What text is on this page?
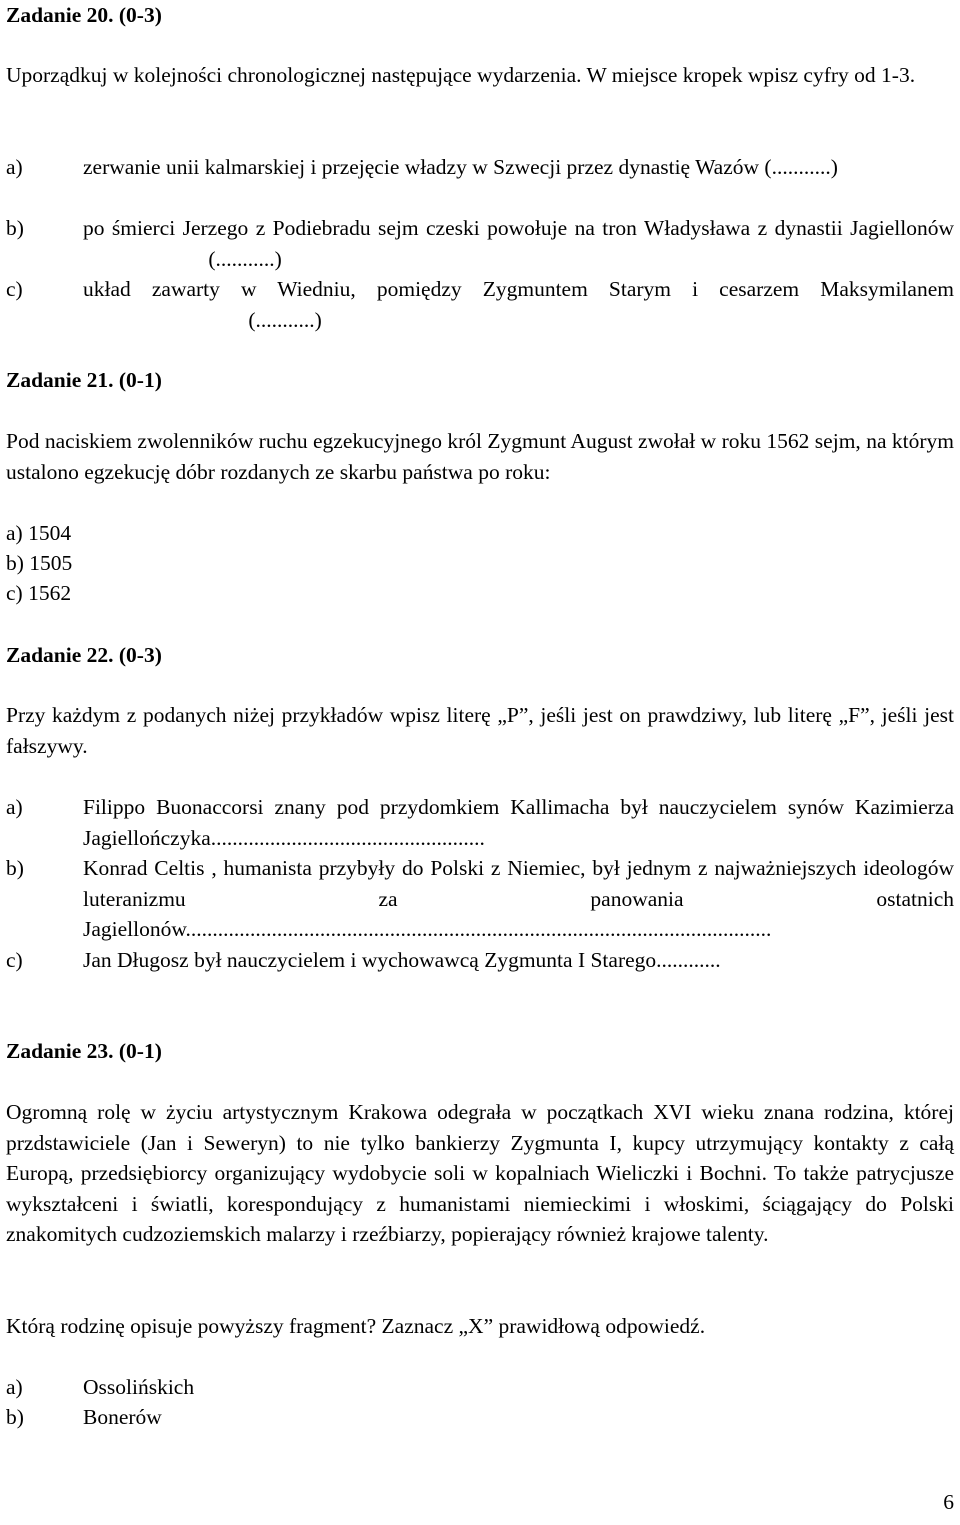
Zadanie 20. (0-3)

Uporządkuj w kolejności chronologicznej następujące wydarzenia. W miejsce kropek wpisz cyfry od 1-3.

a)	zerwanie unii kalmarskiej i przejęcie władzy w Szwecji przez dynastię Wazów (...........)
b)	po śmierci Jerzego z Podiebradu sejm czeski powołuje na tron Władysława z dynastii Jagiellonów  (...........)
c)	układ zawarty w Wiedniu, pomiędzy Zygmuntem Starym i cesarzem Maksymilanem  (...........)
Zadanie 21. (0-1)

Pod naciskiem zwolenników ruchu egzekucyjnego król Zygmunt August zwołał w roku 1562 sejm, na którym ustalono egzekucję dóbr rozdanych ze skarbu państwa po roku:

a) 1504
b) 1505
c) 1562
Zadanie 22. (0-3)

Przy każdym z podanych niżej przykładów wpisz literę „P”, jeśli jest on prawdziwy, lub literę „F”, jeśli jest fałszywy.

a)	Filippo Buonaccorsi znany pod przydomkiem Kallimacha był nauczycielem synów Kazimierza Jagiellończyka...................................................
b)	Konrad Celtis , humanista przybyły do Polski z Niemiec, był jednym z najważniejszych ideologów luteranizmu za panowania ostatnich Jagiellonów.............................................................................................................
c)	Jan Długosz był nauczycielem i wychowawcą Zygmunta I Starego............
Zadanie 23. (0-1)

Ogromną rolę w życiu artystycznym Krakowa odegrała w początkach XVI wieku znana rodzina, której przdstawiciele (Jan i Seweryn) to nie tylko bankierzy Zygmunta I, kupcy utrzymujący kontakty z całą Europą, przedsiębiorcy organizujący wydobycie soli w kopalniach Wieliczki i Bochni. To także patrycjusze wykształceni i światli, korespondujący z humanistami niemieckimi i włoskimi, ściągający do Polski znakomitych cudzoziemskich malarzy i rzeźbiarzy, popierający również krajowe talenty.

Którą rodzinę opisuje powyższy fragment? Zaznacz „X” prawidłową odpowiedź.

a)	Ossolińskich
b)	Bonerów
6
